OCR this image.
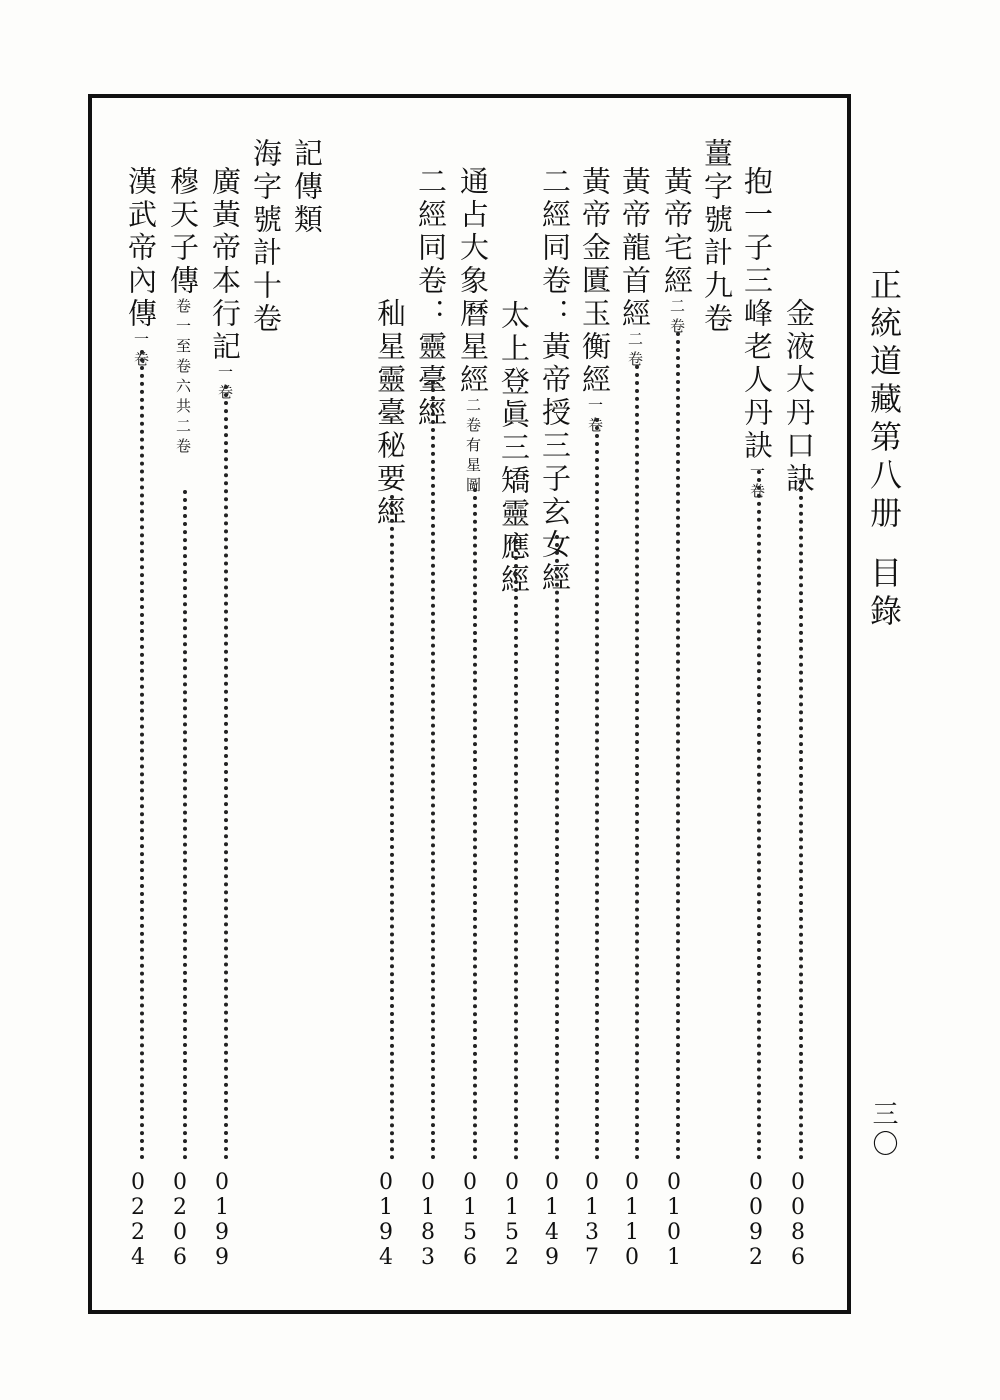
正統道藏第八册目錄
三〇
金液大丹口訣
0
0
8
6
抱一子三峰老人丹訣一卷
0
0
9
2
薑字號計九卷
黃帝宅經二卷
0
1
0
1
黃帝龍首經二卷
0
1
1
0
黃帝金匱玉衡經一卷
0
1
3
7
二經同卷：黃帝授三子玄女經
0
1
4
9
太上登眞三矯靈應經
0
1
5
2
通占大象曆星經二卷有星圖
0
1
5
6
二經同卷：靈臺經
0
1
8
3
秈星靈臺秘要經
0
1
9
4
記傳類
海字號計十卷
廣黃帝本行記一卷
0
1
9
9
穆天子傳卷一至卷六共二卷
0
2
0
6
漢武帝內傳一卷
0
2
2
4
